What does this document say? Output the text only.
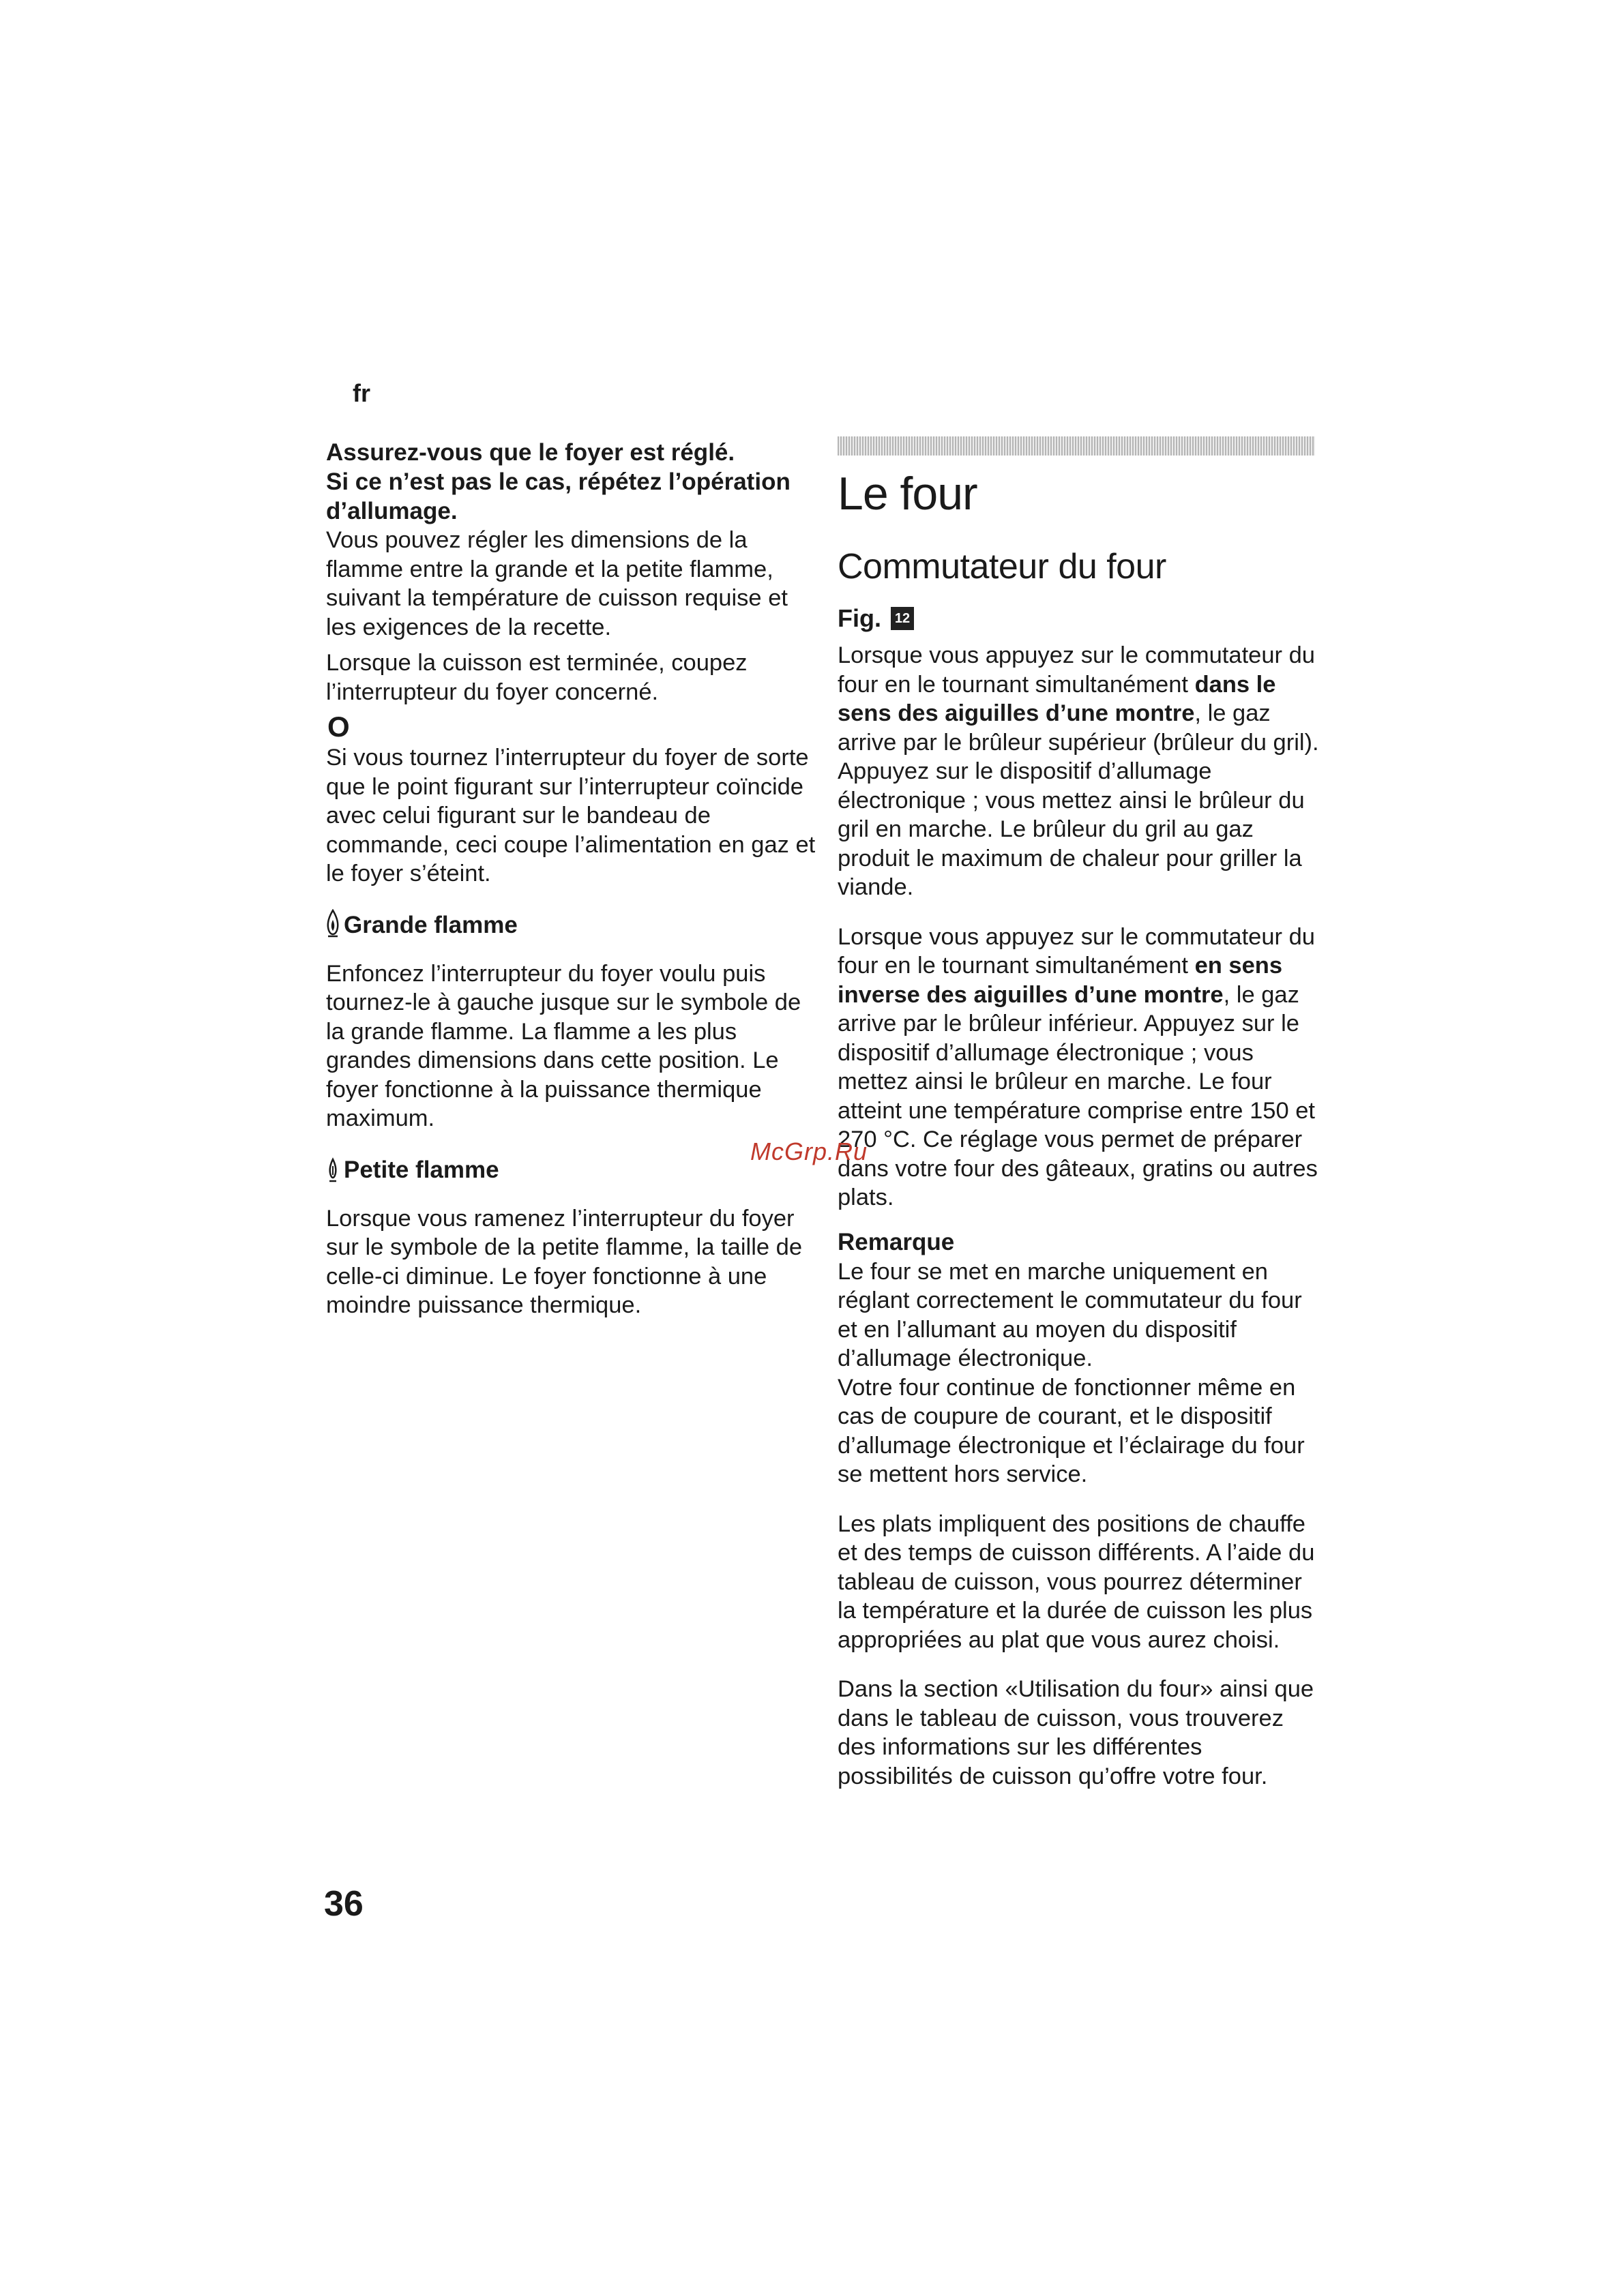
fr

Assurez-vous que le foyer est réglé.

Si ce n’est pas le cas, répétez l’opération d’allumage.

Vous pouvez régler les dimensions de la flamme entre la grande et la petite flamme, suivant la température de cuisson requise et les exigences de la recette.

Lorsque la cuisson est terminée, coupez l’interrupteur du foyer concerné.

O

Si vous tournez l’interrupteur du foyer de sorte que le point figurant sur l’interrupteur coïncide avec celui figurant sur le bandeau de commande, ceci coupe l’alimentation en gaz et le foyer s’éteint.

Grande flamme

Enfoncez l’interrupteur du foyer voulu puis tournez-le à gauche jusque sur le symbole de la grande flamme. La flamme a les plus grandes dimensions dans cette position. Le foyer fonctionne à la puissance thermique maximum.

Petite flamme

Lorsque vous ramenez l’interrupteur du foyer sur le symbole de la petite flamme, la taille de celle-ci diminue. Le foyer fonctionne à une moindre puissance thermique.

Le four
Commutateur du four
Fig. 12

Lorsque vous appuyez sur le commutateur du four en le tournant simultanément dans le sens des aiguilles d’une montre, le gaz arrive par le brûleur supérieur (brûleur du gril). Appuyez sur le dispositif d’allumage électronique ; vous mettez ainsi le brûleur du gril en marche. Le brûleur du gril au gaz produit le maximum de chaleur pour griller la viande.

Lorsque vous appuyez sur le commutateur du four en le tournant simultanément en sens inverse des aiguilles d’une montre, le gaz arrive par le brûleur inférieur. Appuyez sur le dispositif d’allumage électronique ; vous mettez ainsi le brûleur en marche. Le four atteint une température comprise entre 150 et 270 °C. Ce réglage vous permet de préparer dans votre four des gâteaux, gratins ou autres plats.

Remarque

Le four se met en marche uniquement en réglant correctement le commutateur du four et en l’allumant au moyen du dispositif d’allumage électronique.

Votre four continue de fonctionner même en cas de coupure de courant, et le dispositif d’allumage électronique et l’éclairage du four se mettent hors service.

Les plats impliquent des positions de chauffe et des temps de cuisson différents. A l’aide du tableau de cuisson, vous pourrez déterminer la température et la durée de cuisson les plus appropriées au plat que vous aurez choisi.

Dans la section «Utilisation du four» ainsi que dans le tableau de cuisson, vous trouverez des informations sur les différentes possibilités de cuisson qu’offre votre four.

McGrp.Ru
36
